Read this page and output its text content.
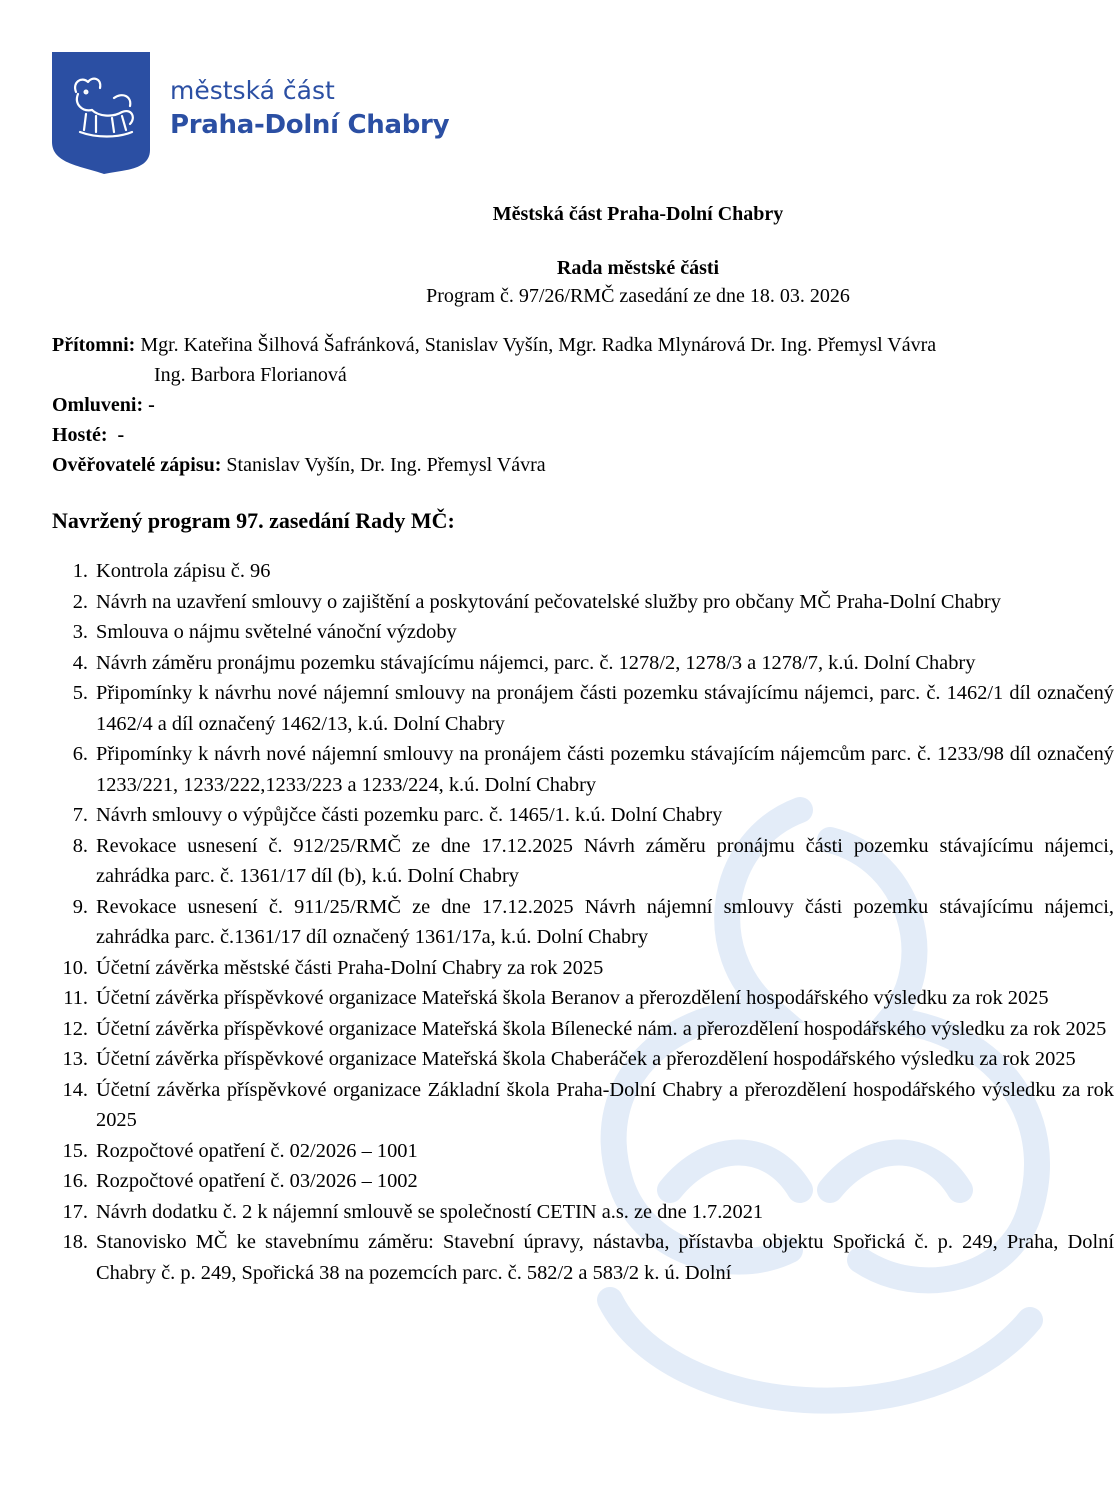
městská část
Praha-Dolní Chabry
Městská část Praha-Dolní Chabry
Rada městské části
Program č. 97/26/RMČ zasedání ze dne 18. 03. 2026
Přítomni:
Mgr. Kateřina Šilhová Šafránková, Stanislav Vyšín, Mgr. Radka Mlynárová Dr. Ing. Přemysl Vávra
Ing. Barbora Florianová
Omluveni: -
Hosté:  -
Ověřovatelé zápisu:
Stanislav Vyšín, Dr. Ing. Přemysl Vávra
Navržený program 97. zasedání Rady MČ:
1. Kontrola zápisu č. 96
2. Návrh na uzavření smlouvy o zajištění a poskytování pečovatelské služby pro občany MČ Praha-Dolní Chabry
3. Smlouva o nájmu světelné vánoční výzdoby
4. Návrh záměru pronájmu pozemku stávajícímu nájemci, parc. č. 1278/2, 1278/3 a 1278/7, k.ú. Dolní Chabry
5. Připomínky k návrhu nové nájemní smlouvy na pronájem části pozemku stávajícímu nájemci, parc. č. 1462/1 díl označený 1462/4 a díl označený 1462/13, k.ú. Dolní Chabry
6. Připomínky k návrh nové nájemní smlouvy na pronájem části pozemku stávajícím nájemcům parc. č. 1233/98 díl označený 1233/221, 1233/222,1233/223 a 1233/224, k.ú. Dolní Chabry
7. Návrh smlouvy o výpůjčce části pozemku parc. č. 1465/1. k.ú. Dolní Chabry
8. Revokace usnesení č. 912/25/RMČ ze dne 17.12.2025 Návrh záměru pronájmu části pozemku stávajícímu nájemci, zahrádka parc. č. 1361/17 díl (b), k.ú. Dolní Chabry
9. Revokace usnesení č. 911/25/RMČ ze dne 17.12.2025 Návrh nájemní smlouvy části pozemku stávajícímu nájemci, zahrádka parc. č.1361/17 díl označený 1361/17a, k.ú. Dolní Chabry
10. Účetní závěrka městské části Praha-Dolní Chabry za rok 2025
11. Účetní závěrka příspěvkové organizace Mateřská škola Beranov a přerozdělení hospodářského výsledku za rok 2025
12. Účetní závěrka příspěvkové organizace Mateřská škola Bílenecké nám. a přerozdělení hospodářského výsledku za rok 2025
13. Účetní závěrka příspěvkové organizace Mateřská škola Chaberáček a přerozdělení hospodářského výsledku za rok 2025
14. Účetní závěrka příspěvkové organizace Základní škola Praha-Dolní Chabry a přerozdělení hospodářského výsledku za rok 2025
15. Rozpočtové opatření č. 02/2026 – 1001
16. Rozpočtové opatření č. 03/2026 – 1002
17. Návrh dodatku č. 2 k nájemní smlouvě se společností CETIN a.s. ze dne 1.7.2021
18. Stanovisko MČ ke stavebnímu záměru: Stavební úpravy, nástavba, přístavba objektu Spořická č. p. 249, Praha, Dolní Chabry č. p. 249, Spořická 38 na pozemcích parc. č. 582/2 a 583/2 k. ú. Dolní
